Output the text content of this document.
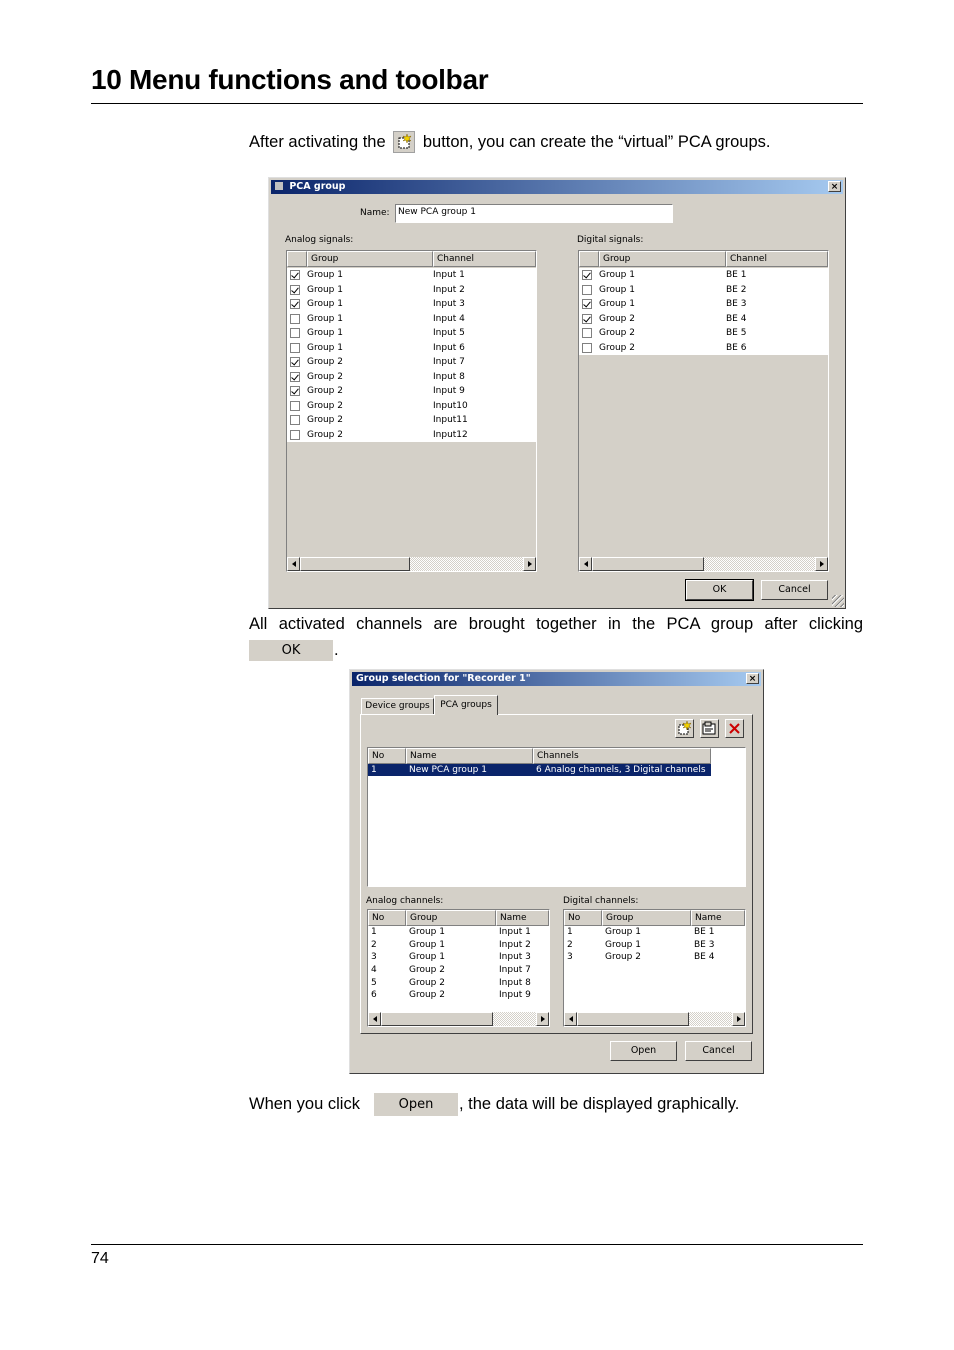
10 Menu functions and toolbar
After activating the button, you can create the “virtual” PCA groups.
PCA group	×
Name: New PCA group 1
Analog signals:	Digital signals:
Group	Channel
Group 1	Input 1
Group 1	Input 2
Group 1	Input 3
Group 1	Input 4
Group 1	Input 5
Group 1	Input 6
Group 2	Input 7
Group 2	Input 8
Group 2	Input 9
Group 2	Input10
Group 2	Input11
Group 2	Input12
Group	Channel
Group 1	BE 1
Group 1	BE 2
Group 1	BE 3
Group 2	BE 4
Group 2	BE 5
Group 2	BE 6
OK	Cancel
All activated channels are brought together in the PCA group after clicking
OK	.
Group selection for "Recorder 1"	×
Device groups	PCA groups
No	Name	Channels
1	New PCA group 1	6 Analog channels, 3 Digital channels
Analog channels:	Digital channels:
No	Group	Name
1	Group 1	Input 1
2	Group 1	Input 2
3	Group 1	Input 3
4	Group 2	Input 7
5	Group 2	Input 8
6	Group 2	Input 9
No	Group	Name
1	Group 1	BE 1
2	Group 1	BE 3
3	Group 2	BE 4
Open	Cancel
When you click	Open	, the data will be displayed graphically.
74
